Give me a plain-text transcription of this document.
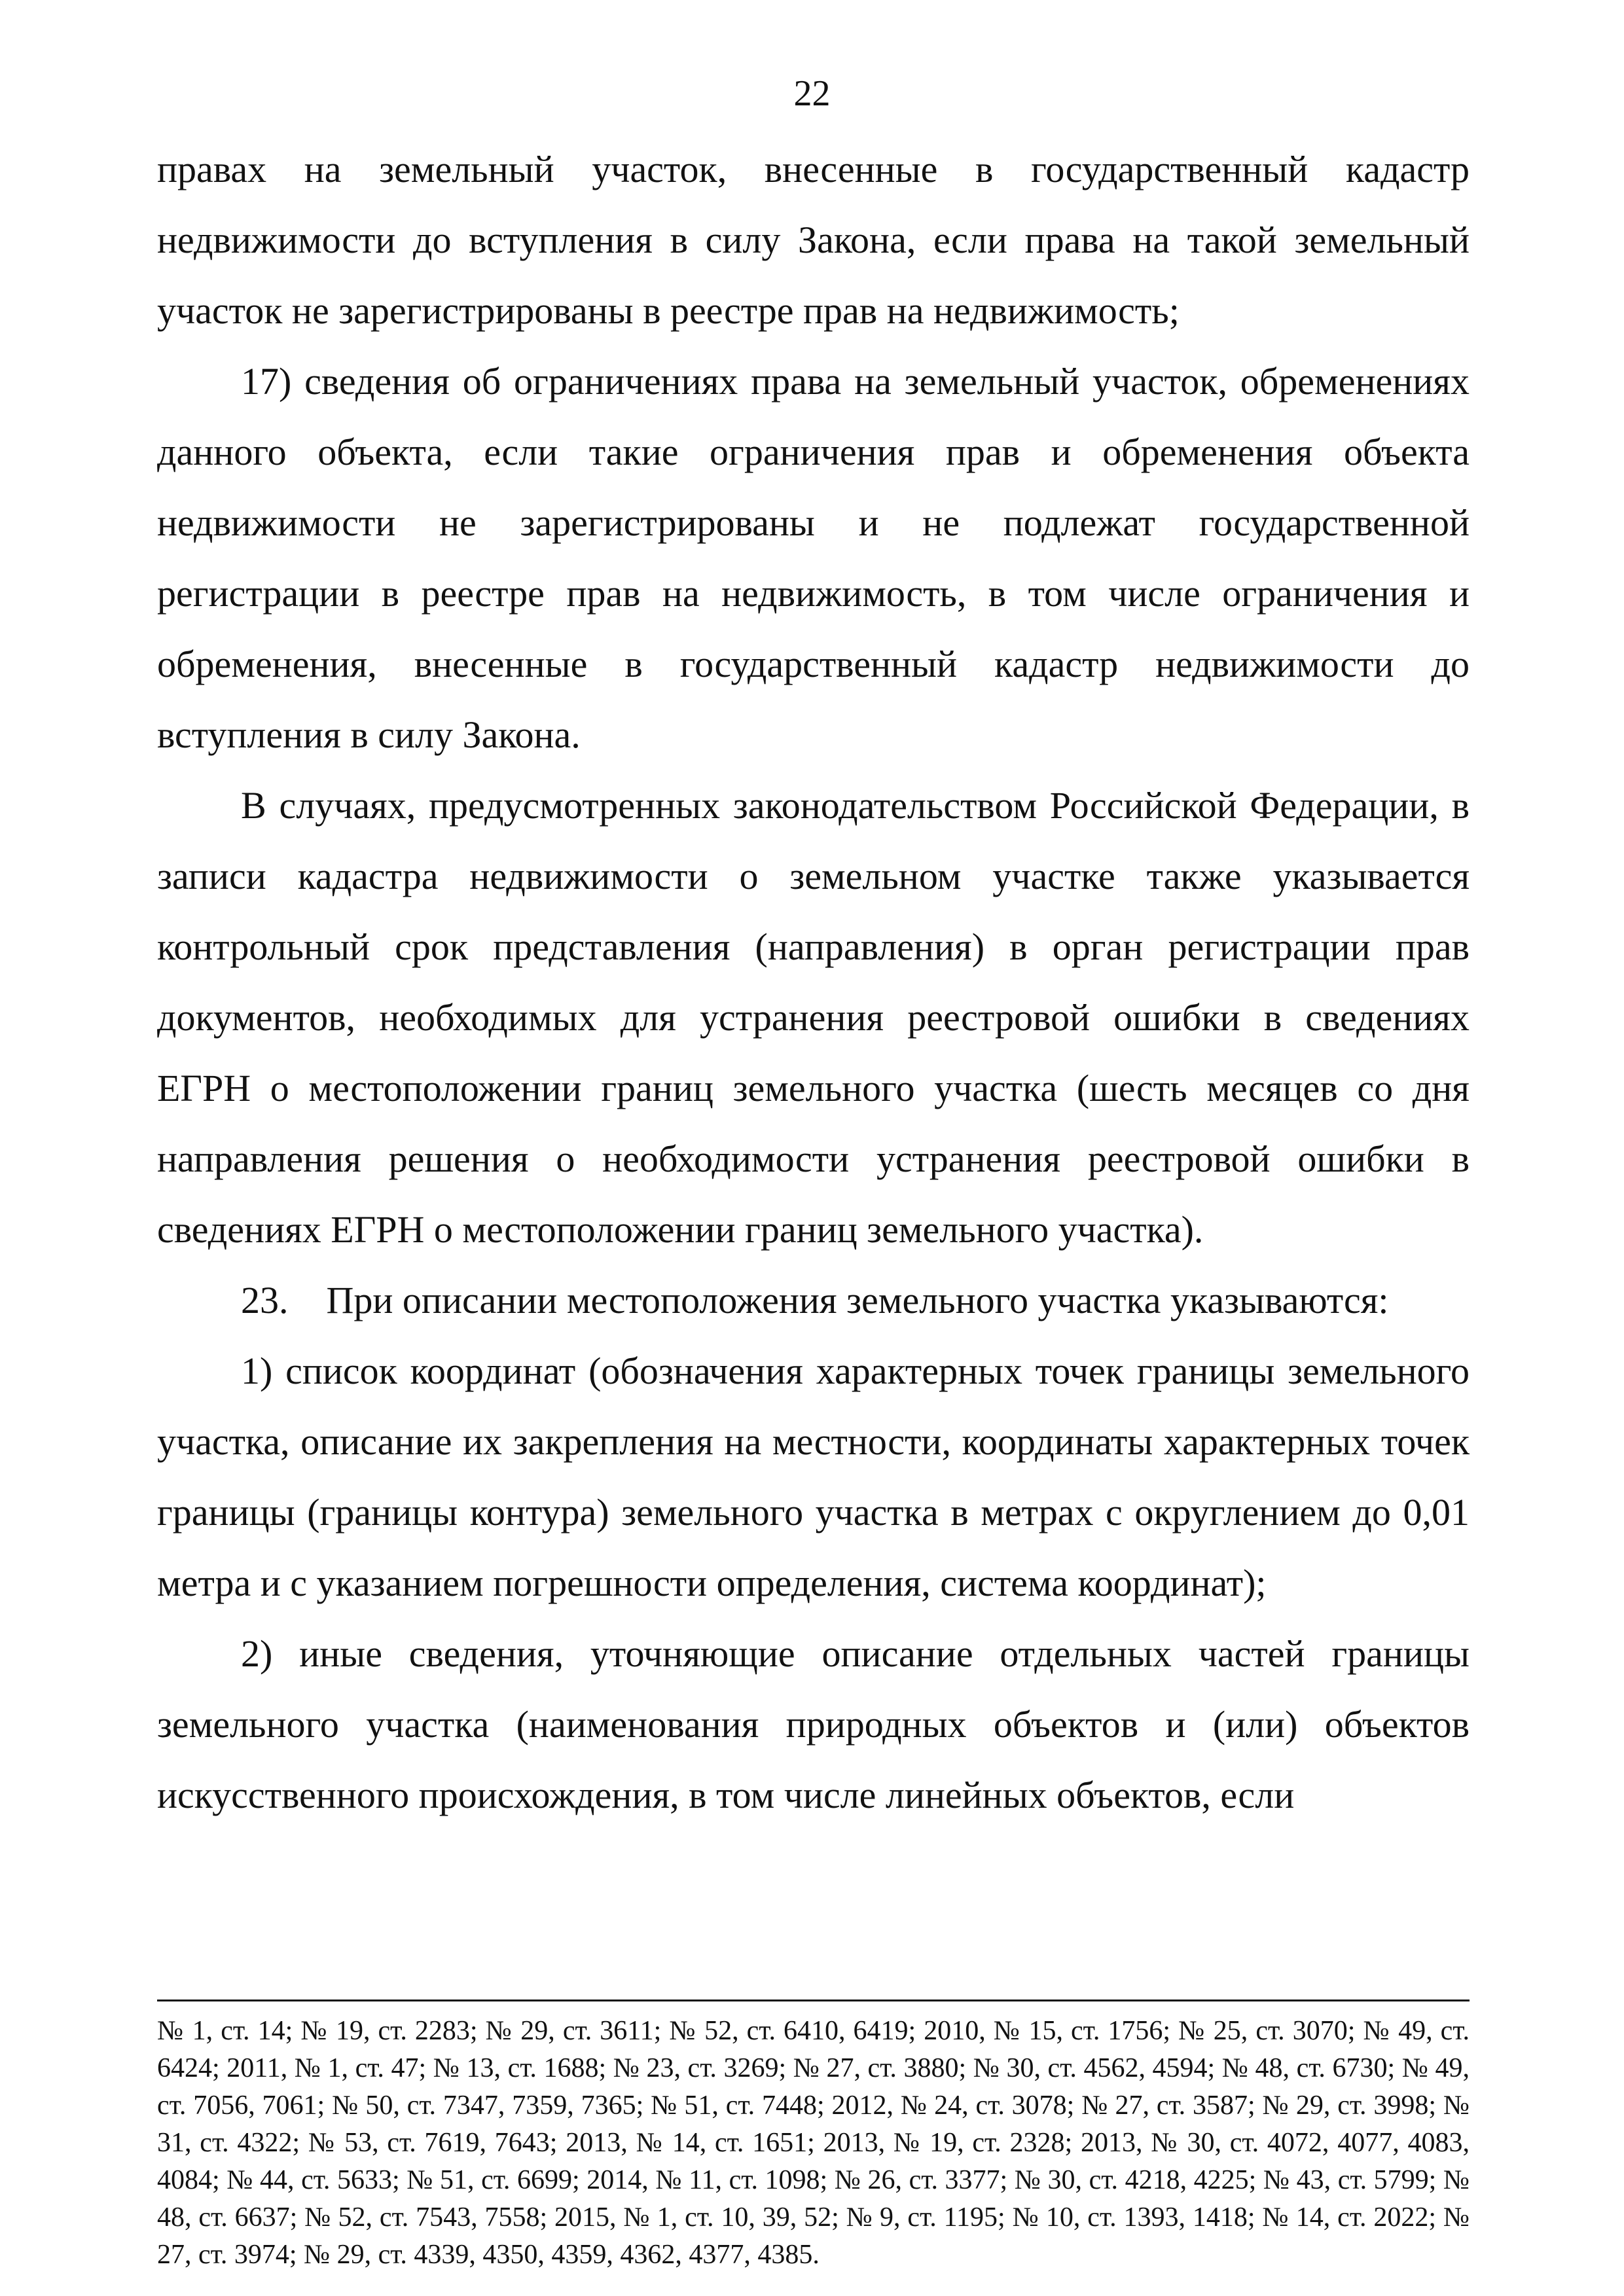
22

правах на земельный участок, внесенные в государственный кадастр недвижимости до вступления в силу Закона, если права на такой земельный участок не зарегистрированы в реестре прав на недвижимость;

17) сведения об ограничениях права на земельный участок, обременениях данного объекта, если такие ограничения прав и обременения объекта недвижимости не зарегистрированы и не подлежат государственной регистрации в реестре прав на недвижимость, в том числе ограничения и обременения, внесенные в государственный кадастр недвижимости до вступления в силу Закона.

В случаях, предусмотренных законодательством Российской Федерации, в записи кадастра недвижимости о земельном участке также указывается контрольный срок представления (направления) в орган регистрации прав документов, необходимых для устранения реестровой ошибки в сведениях ЕГРН о местоположении границ земельного участка (шесть месяцев со дня направления решения о необходимости устранения реестровой ошибки в сведениях ЕГРН о местоположении границ земельного участка).

23. При описании местоположения земельного участка указываются:

1) список координат (обозначения характерных точек границы земельного участка, описание их закрепления на местности, координаты характерных точек границы (границы контура) земельного участка в метрах с округлением до 0,01 метра и с указанием погрешности определения, система координат);

2) иные сведения, уточняющие описание отдельных частей границы земельного участка (наименования природных объектов и (или) объектов искусственного происхождения, в том числе линейных объектов, если

№ 1, ст. 14; № 19, ст. 2283; № 29, ст. 3611; № 52, ст. 6410, 6419; 2010, № 15, ст. 1756; № 25, ст. 3070; № 49, ст. 6424; 2011, № 1, ст. 47; № 13, ст. 1688; № 23, ст. 3269; № 27, ст. 3880; № 30, ст. 4562, 4594; № 48, ст. 6730; № 49, ст. 7056, 7061; № 50, ст. 7347, 7359, 7365; № 51, ст. 7448; 2012, № 24, ст. 3078; № 27, ст. 3587; № 29, ст. 3998; № 31, ст. 4322; № 53, ст. 7619, 7643; 2013, № 14, ст. 1651; 2013, № 19, ст. 2328; 2013, № 30, ст. 4072, 4077, 4083, 4084; № 44, ст. 5633; № 51, ст. 6699; 2014, № 11, ст. 1098; № 26, ст. 3377; № 30, ст. 4218, 4225; № 43, ст. 5799; № 48, ст. 6637; № 52, ст. 7543, 7558; 2015, № 1, ст. 10, 39, 52; № 9, ст. 1195; № 10, ст. 1393, 1418; № 14, ст. 2022; № 27, ст. 3974; № 29, ст. 4339, 4350, 4359, 4362, 4377, 4385.
